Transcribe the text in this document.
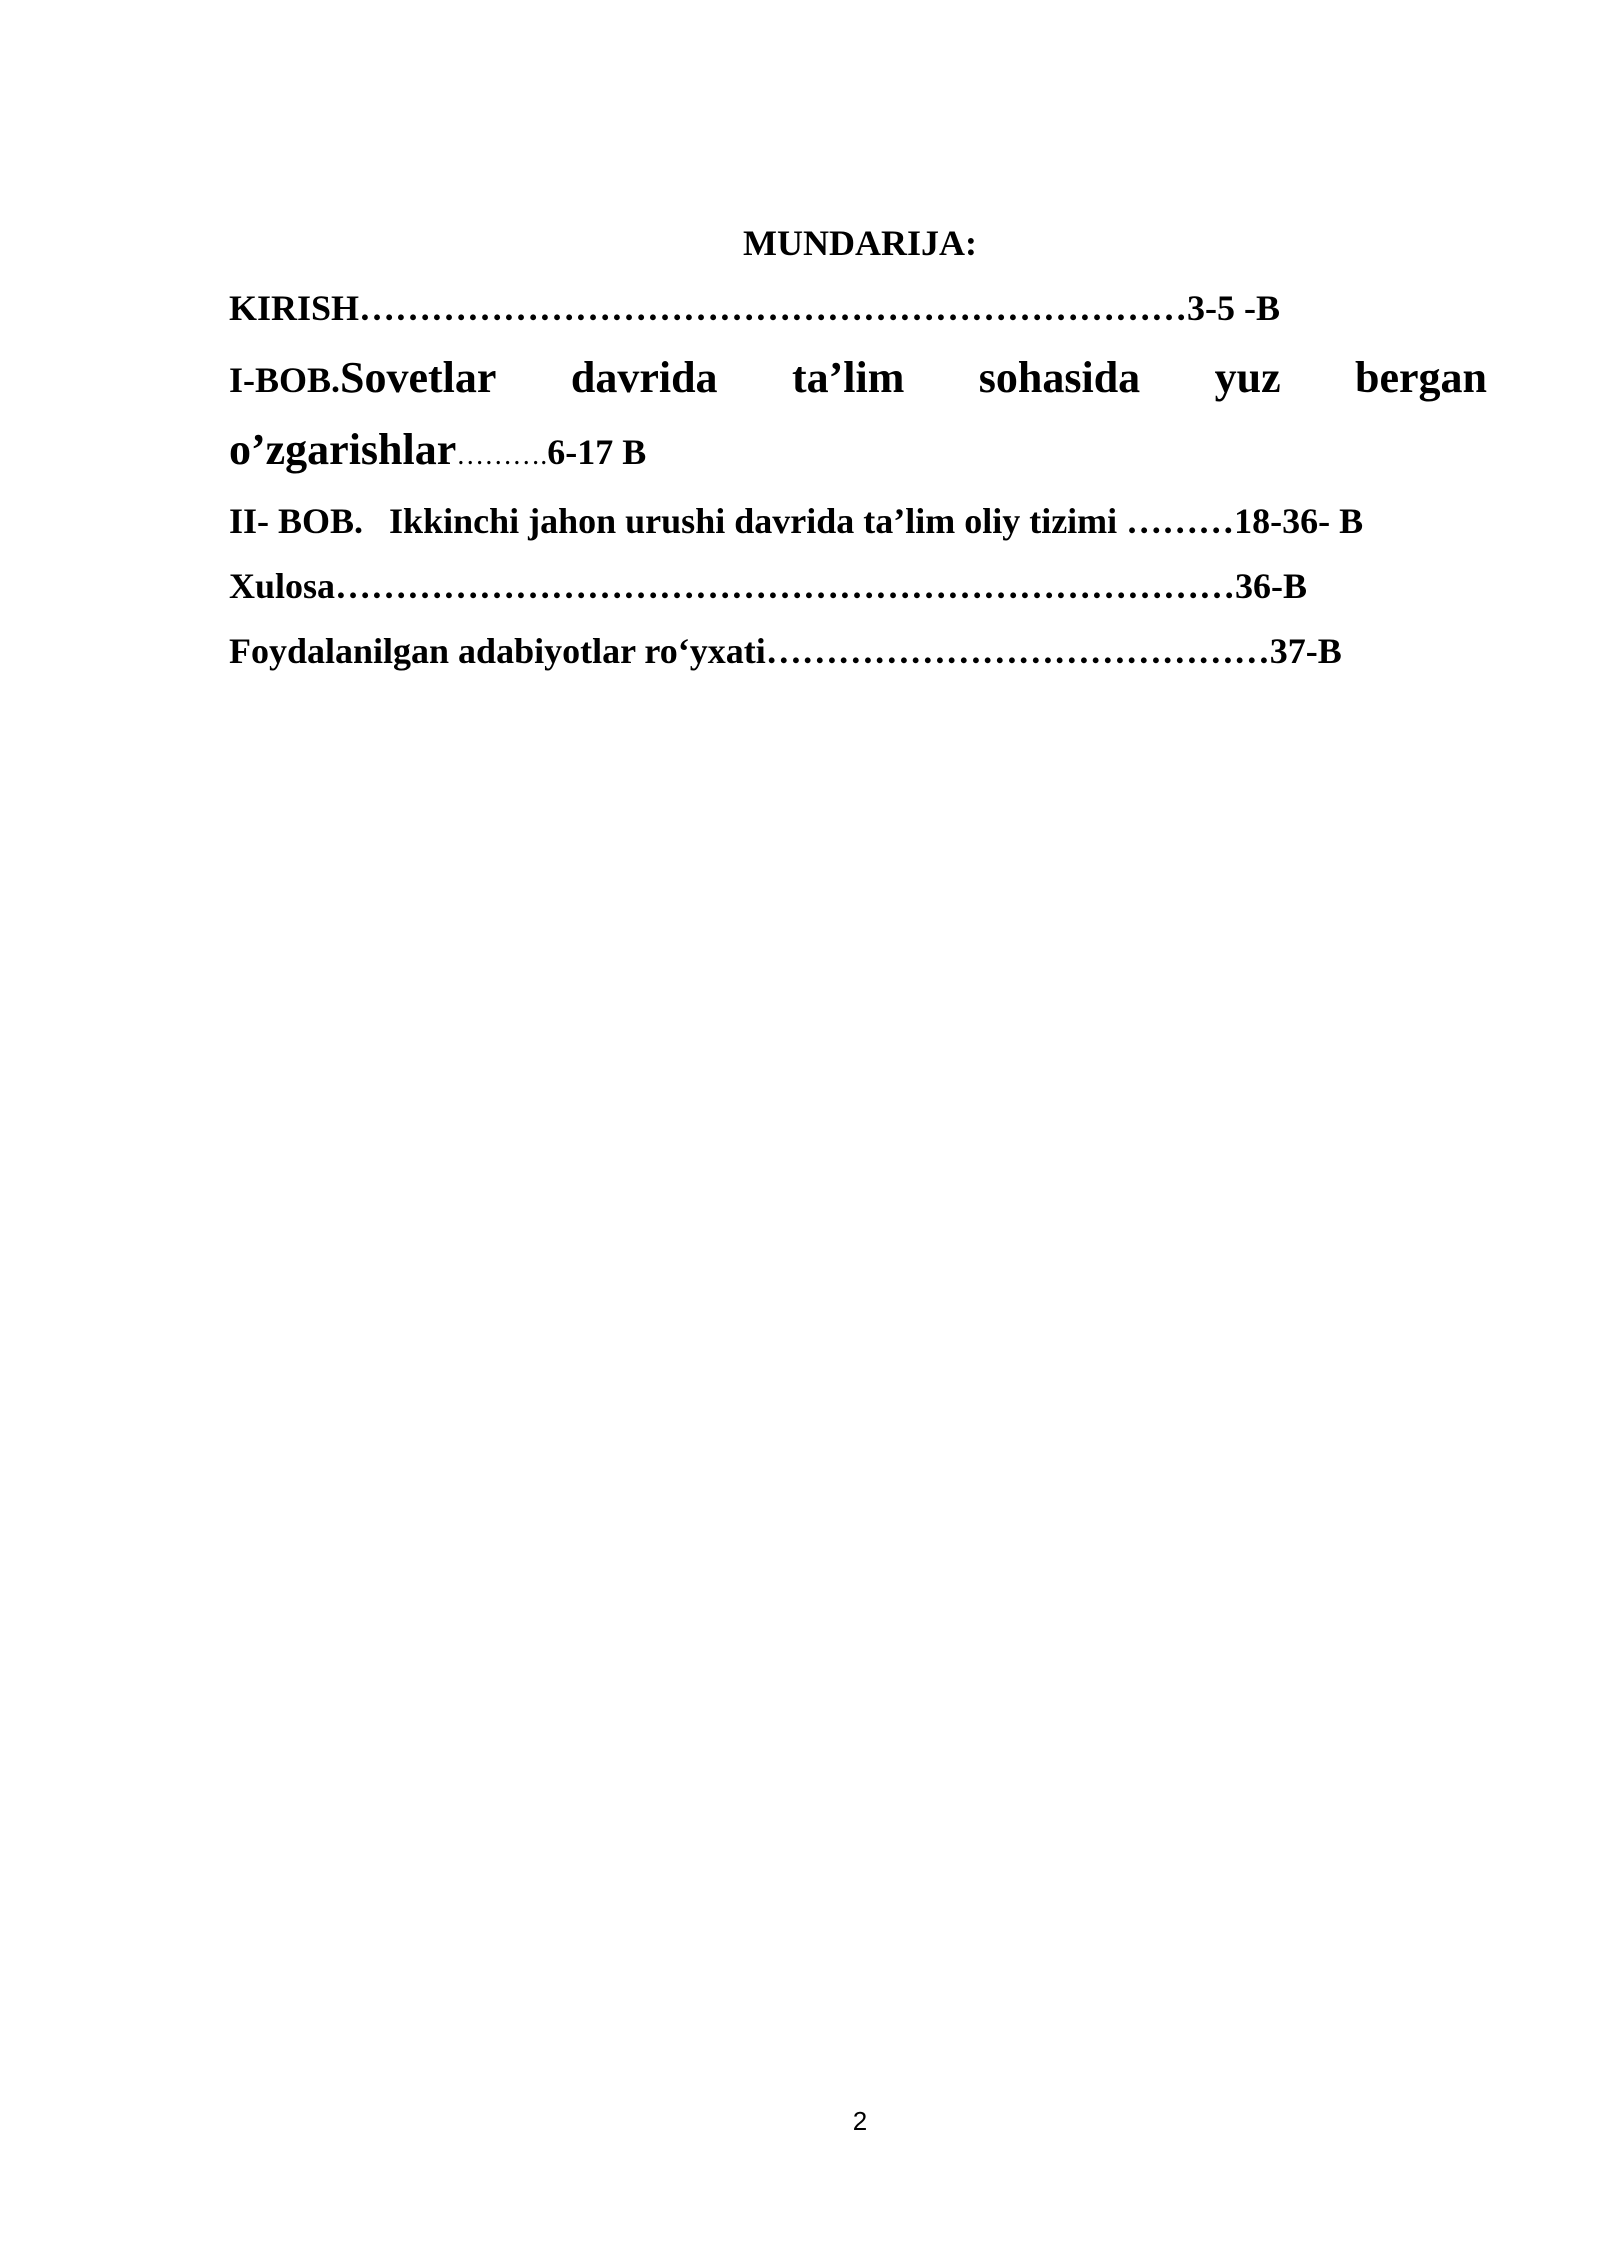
MUNDARIJA:
KIRISH……………………………………………………………3-5 -B
I-BOB.Sovetlar davrida ta’lim sohasida yuz bergan
o’zgarishlar……….6-17 B
II- BOB. Ikkinchi jahon urushi davrida ta’lim oliy tizimi ………18-36- B
Xulosa…………………………………………………………………36-B
Foydalanilgan adabiyotlar ro‘yxati……………………………………37-B
2
